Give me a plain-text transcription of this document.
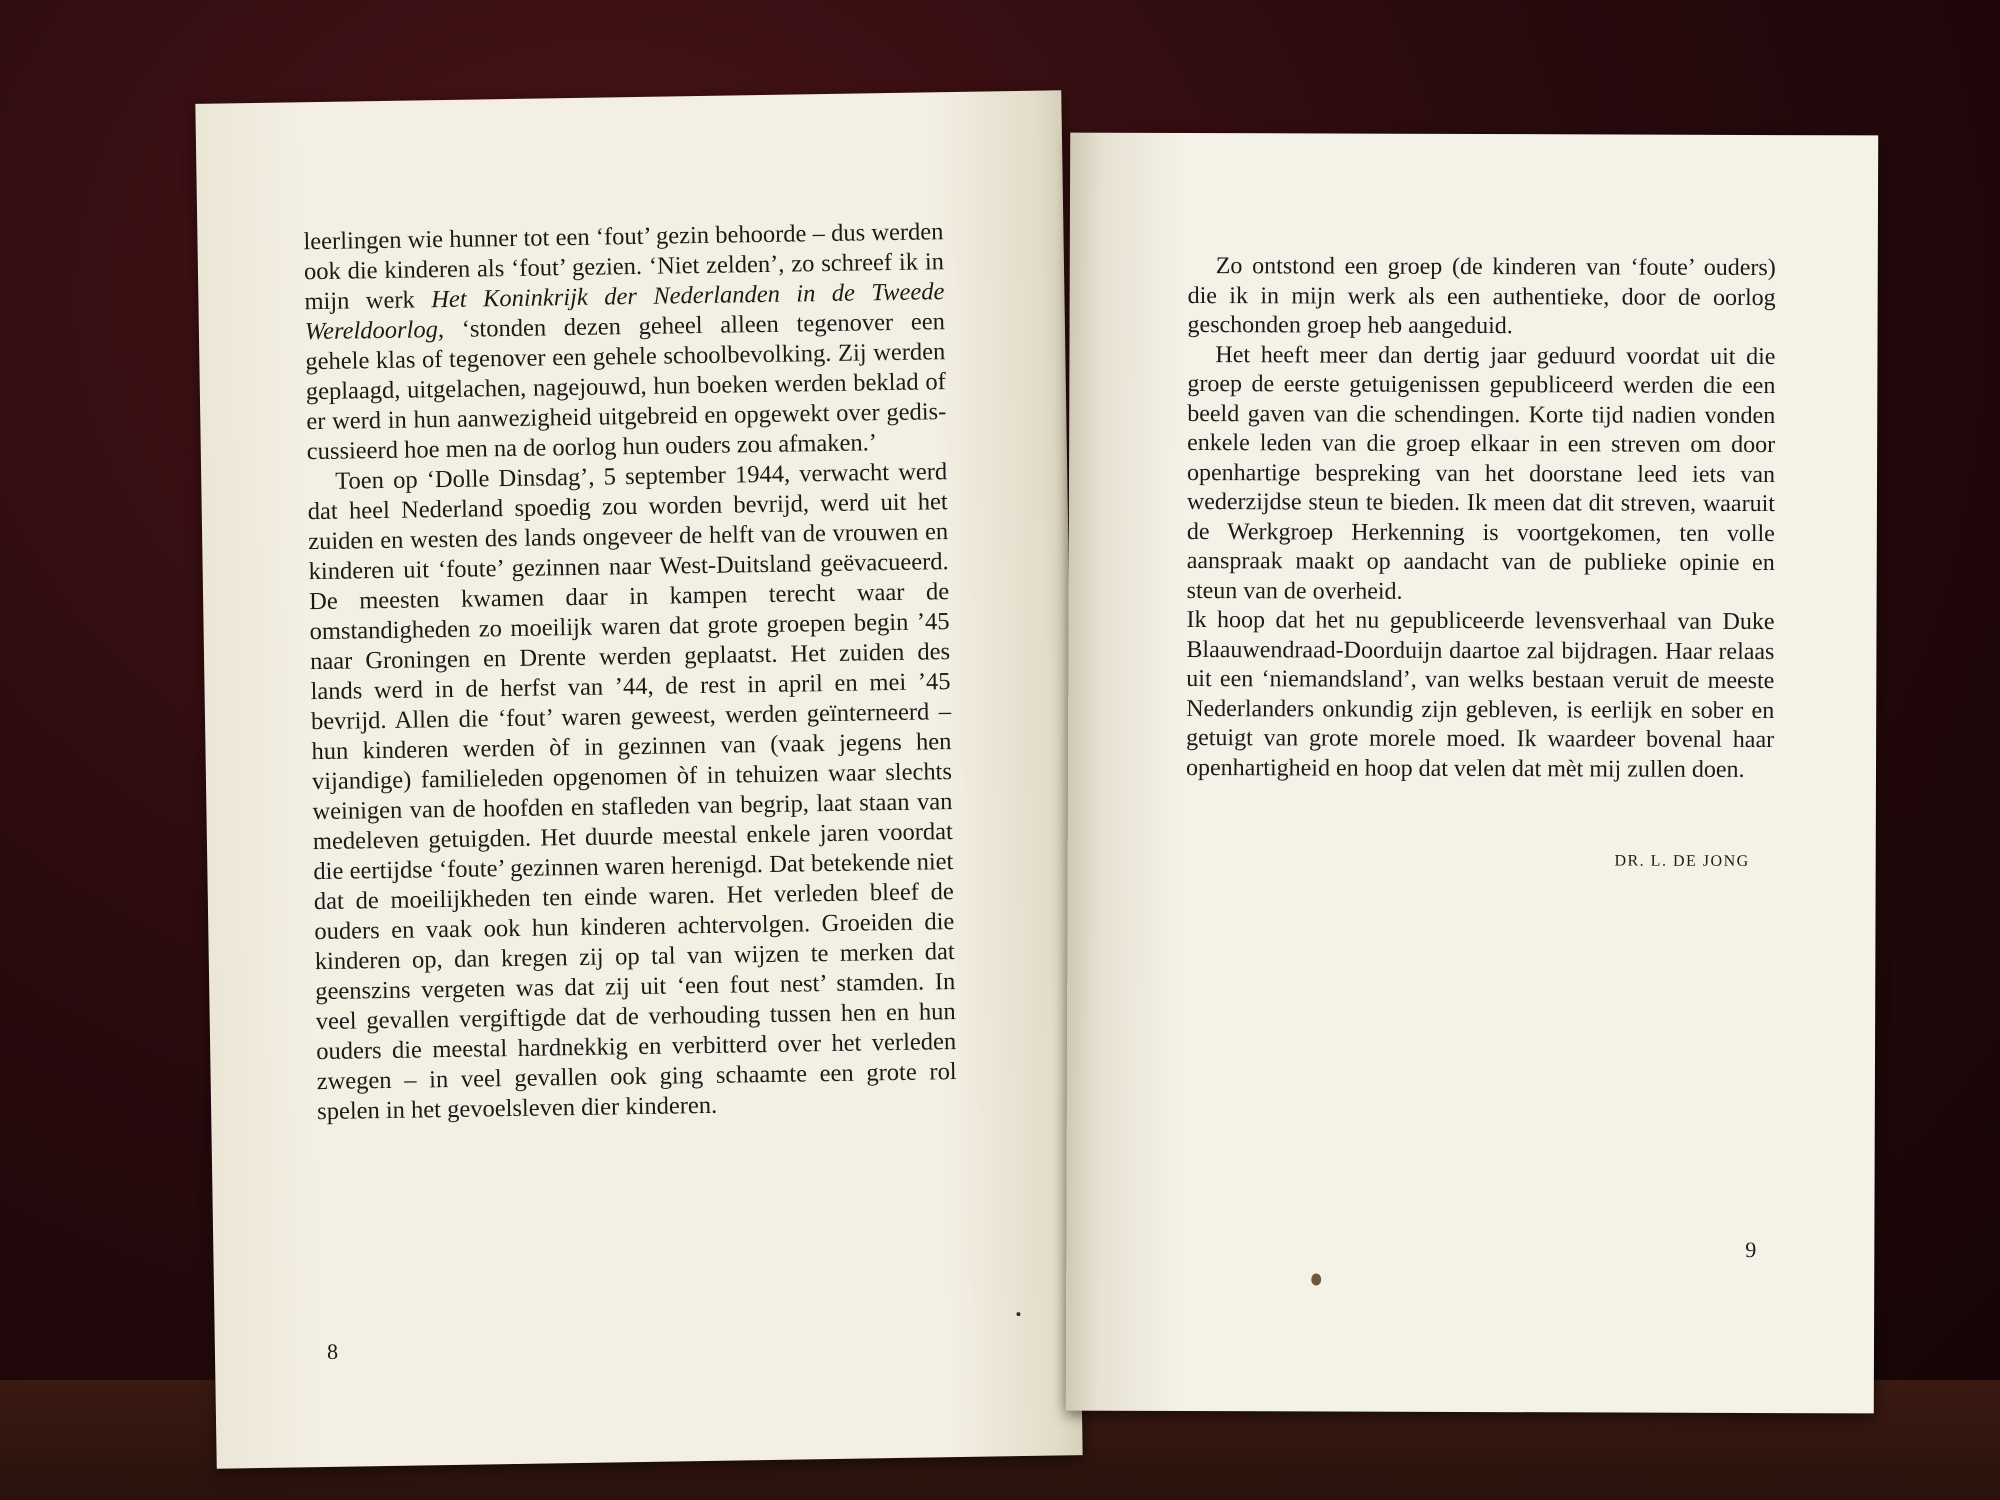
leerlingen wie hunner tot een ‘fout’ gezin behoorde – dus werden ook die kinderen als ‘fout’ gezien. ‘Niet zelden’, zo schreef ik in mijn werk Het Koninkrijk der Nederlanden in de Tweede Wereldoorlog, ‘stonden dezen geheel alleen tegenover een gehele klas of tegenover een gehele schoolbevolking. Zij werden geplaagd, uitgelachen, nagejouwd, hun boeken werden beklad of er werd in hun aanwezigheid uitgebreid en opgewekt over gediscussieerd hoe men na de oorlog hun ouders zou afmaken.’

Toen op ‘Dolle Dinsdag’, 5 september 1944, verwacht werd dat heel Nederland spoedig zou worden bevrijd, werd uit het zuiden en westen des lands ongeveer de helft van de vrouwen en kinderen uit ‘foute’ gezinnen naar West-Duitsland geëvacueerd. De meesten kwamen daar in kampen terecht waar de omstandigheden zo moeilijk waren dat grote groepen begin ’45 naar Groningen en Drente werden geplaatst. Het zuiden des lands werd in de herfst van ’44, de rest in april en mei ’45 bevrijd. Allen die ‘fout’ waren geweest, werden geïnterneerd – hun kinderen werden òf in gezinnen van (vaak jegens hen vijandige) familieleden opgenomen òf in tehuizen waar slechts weinigen van de hoofden en stafleden van begrip, laat staan van medeleven getuigden. Het duurde meestal enkele jaren voordat die eertijdse ‘foute’ gezinnen waren herenigd. Dat betekende niet dat de moeilijkheden ten einde waren. Het verleden bleef de ouders en vaak ook hun kinderen achtervolgen. Groeiden die kinderen op, dan kregen zij op tal van wijzen te merken dat geenszins vergeten was dat zij uit ‘een fout nest’ stamden. In veel gevallen vergiftigde dat de verhouding tussen hen en hun ouders die meestal hardnekkig en verbitterd over het verleden zwegen – in veel gevallen ook ging schaamte een grote rol spelen in het gevoelsleven dier kinderen.

8

Zo ontstond een groep (de kinderen van ‘foute’ ouders) die ik in mijn werk als een authentieke, door de oorlog geschonden groep heb aangeduid.

Het heeft meer dan dertig jaar geduurd voordat uit die groep de eerste getuigenissen gepubliceerd werden die een beeld gaven van die schendingen. Korte tijd nadien vonden enkele leden van die groep elkaar in een streven om door openhartige bespreking van het doorstane leed iets van wederzijdse steun te bieden. Ik meen dat dit streven, waaruit de Werkgroep Herkenning is voortgekomen, ten volle aanspraak maakt op aandacht van de publieke opinie en steun van de overheid.

Ik hoop dat het nu gepubliceerde levensverhaal van Duke Blaauwendraad-Doorduijn daartoe zal bijdragen. Haar relaas uit een ‘niemandsland’, van welks bestaan veruit de meeste Nederlanders onkundig zijn gebleven, is eerlijk en sober en getuigt van grote morele moed. Ik waardeer bovenal haar openhartigheid en hoop dat velen dat mèt mij zullen doen.

DR. L. DE JONG
9
